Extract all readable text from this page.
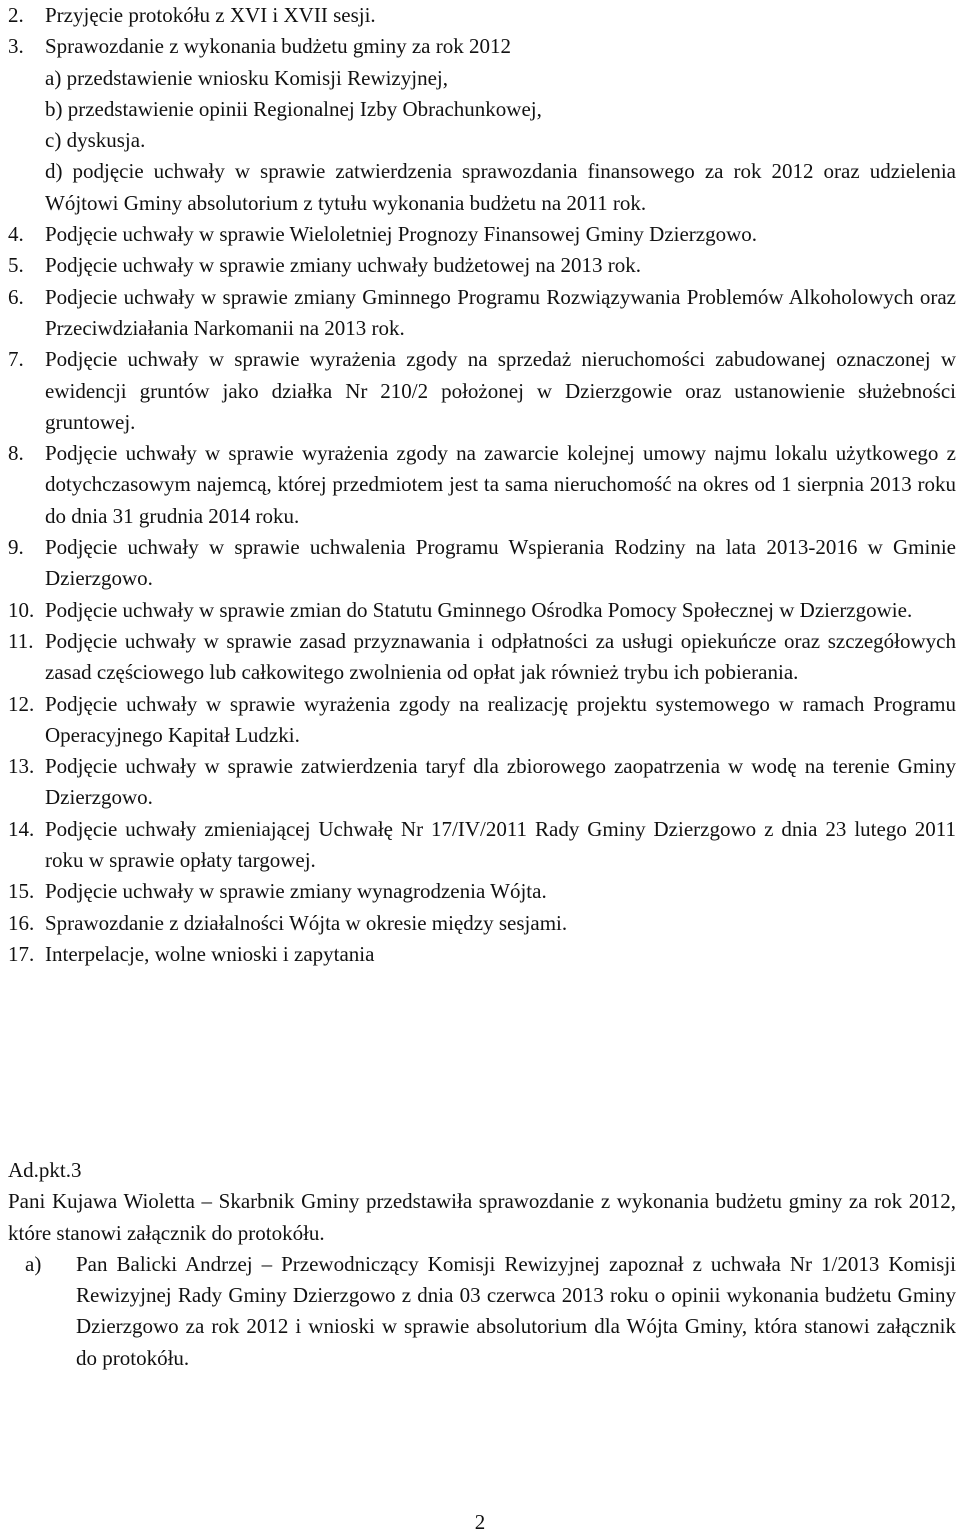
2.	Przyjęcie protokółu z XVI i XVII sesji.
3.	Sprawozdanie z wykonania budżetu gminy za rok 2012
a) przedstawienie wniosku Komisji Rewizyjnej,
b) przedstawienie opinii Regionalnej Izby Obrachunkowej,
c) dyskusja.
d) podjęcie uchwały w sprawie zatwierdzenia sprawozdania finansowego za rok 2012 oraz udzielenia Wójtowi Gminy absolutorium z tytułu wykonania budżetu na 2011 rok.
4.	Podjęcie uchwały w sprawie Wieloletniej Prognozy Finansowej Gminy Dzierzgowo.
5.	Podjęcie uchwały w sprawie zmiany uchwały budżetowej na 2013 rok.
6.	Podjecie uchwały w sprawie zmiany Gminnego Programu Rozwiązywania Problemów Alkoholowych oraz Przeciwdziałania Narkomanii na 2013 rok.
7.	Podjęcie uchwały w sprawie wyrażenia zgody na sprzedaż nieruchomości zabudowanej oznaczonej w ewidencji gruntów jako działka Nr 210/2 położonej w Dzierzgowie oraz ustanowienie służebności gruntowej.
8.	Podjęcie uchwały w sprawie wyrażenia zgody na zawarcie kolejnej umowy najmu lokalu użytkowego z dotychczasowym najemcą, której przedmiotem jest ta sama nieruchomość na okres od 1 sierpnia 2013 roku do dnia 31 grudnia 2014 roku.
9.	Podjęcie uchwały w sprawie uchwalenia Programu Wspierania Rodziny na lata 2013-2016 w Gminie Dzierzgowo.
10. Podjęcie uchwały w sprawie zmian do Statutu Gminnego Ośrodka Pomocy Społecznej w Dzierzgowie.
11. Podjęcie uchwały w sprawie zasad przyznawania i odpłatności za usługi opiekuńcze oraz szczegółowych zasad częściowego lub całkowitego zwolnienia od opłat jak również trybu ich pobierania.
12. Podjęcie uchwały w sprawie wyrażenia zgody na realizację projektu systemowego w ramach Programu Operacyjnego Kapitał Ludzki.
13. Podjęcie uchwały w sprawie zatwierdzenia taryf dla zbiorowego zaopatrzenia w wodę na terenie Gminy Dzierzgowo.
14. Podjęcie uchwały zmieniającej Uchwałę Nr 17/IV/2011 Rady Gminy Dzierzgowo z dnia 23 lutego 2011 roku w sprawie opłaty targowej.
15. Podjęcie uchwały w sprawie zmiany wynagrodzenia Wójta.
16. Sprawozdanie z działalności Wójta w okresie między sesjami.
17. Interpelacje, wolne wnioski i zapytania
Ad.pkt.3
Pani Kujawa Wioletta – Skarbnik Gminy przedstawiła sprawozdanie z wykonania budżetu gminy za rok 2012, które stanowi załącznik do protokółu.
a)	Pan Balicki Andrzej – Przewodniczący Komisji Rewizyjnej zapoznał z uchwała Nr 1/2013 Komisji Rewizyjnej Rady Gminy Dzierzgowo z dnia 03 czerwca 2013 roku o opinii wykonania budżetu Gminy Dzierzgowo za rok 2012 i wnioski w sprawie absolutorium dla Wójta Gminy, która stanowi załącznik do protokółu.
2
